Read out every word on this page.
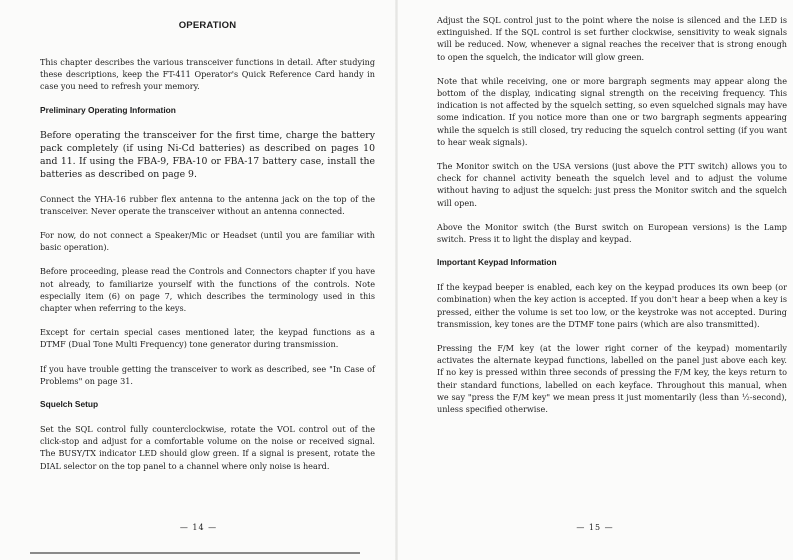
OPERATION

This chapter describes the various transceiver functions in detail. After studying these descriptions, keep the FT-411 Operator's Quick Reference Card handy in case you need to refresh your memory.

Preliminary Operating Information

Before operating the transceiver for the first time, charge the battery pack completely (if using Ni-Cd batteries) as described on pages 10 and 11. If using the FBA-9, FBA-10 or FBA-17 battery case, install the batteries as described on page 9.

Connect the YHA-16 rubber flex antenna to the antenna jack on the top of the transceiver. Never operate the transceiver without an antenna connected.

For now, do not connect a Speaker/Mic or Headset (until you are familiar with basic operation).

Before proceeding, please read the Controls and Connectors chapter if you have not already, to familiarize yourself with the functions of the controls. Note especially item (6) on page 7, which describes the terminology used in this chapter when referring to the keys.

Except for certain special cases mentioned later, the keypad functions as a DTMF (Dual Tone Multi Frequency) tone generator during transmission.

If you have trouble getting the transceiver to work as described, see "In Case of Problems" on page 31.

Squelch Setup

Set the SQL control fully counterclockwise, rotate the VOL control out of the click-stop and adjust for a comfortable volume on the noise or received signal. The BUSY/TX indicator LED should glow green. If a signal is present, rotate the DIAL selector on the top panel to a channel where only noise is heard.

— 14 —

Adjust the SQL control just to the point where the noise is silenced and the LED is extinguished. If the SQL control is set further clockwise, sensitivity to weak signals will be reduced. Now, whenever a signal reaches the receiver that is strong enough to open the squelch, the indicator will glow green.

Note that while receiving, one or more bargraph segments may appear along the bottom of the display, indicating signal strength on the receiving frequency. This indication is not affected by the squelch setting, so even squelched signals may have some indication. If you notice more than one or two bargraph segments appearing while the squelch is still closed, try reducing the squelch control setting (if you want to hear weak signals).

The Monitor switch on the USA versions (just above the PTT switch) allows you to check for channel activity beneath the squelch level and to adjust the volume without having to adjust the squelch: just press the Monitor switch and the squelch will open.

Above the Monitor switch (the Burst switch on European versions) is the Lamp switch. Press it to light the display and keypad.

Important Keypad Information

If the keypad beeper is enabled, each key on the keypad produces its own beep (or combination) when the key action is accepted. If you don't hear a beep when a key is pressed, either the volume is set too low, or the keystroke was not accepted. During transmission, key tones are the DTMF tone pairs (which are also transmitted).

Pressing the F/M key (at the lower right corner of the keypad) momentarily activates the alternate keypad functions, labelled on the panel just above each key. If no key is pressed within three seconds of pressing the F/M key, the keys return to their standard functions, labelled on each keyface. Throughout this manual, when we say "press the F/M key" we mean press it just momentarily (less than ½-second), unless specified otherwise.

— 15 —
